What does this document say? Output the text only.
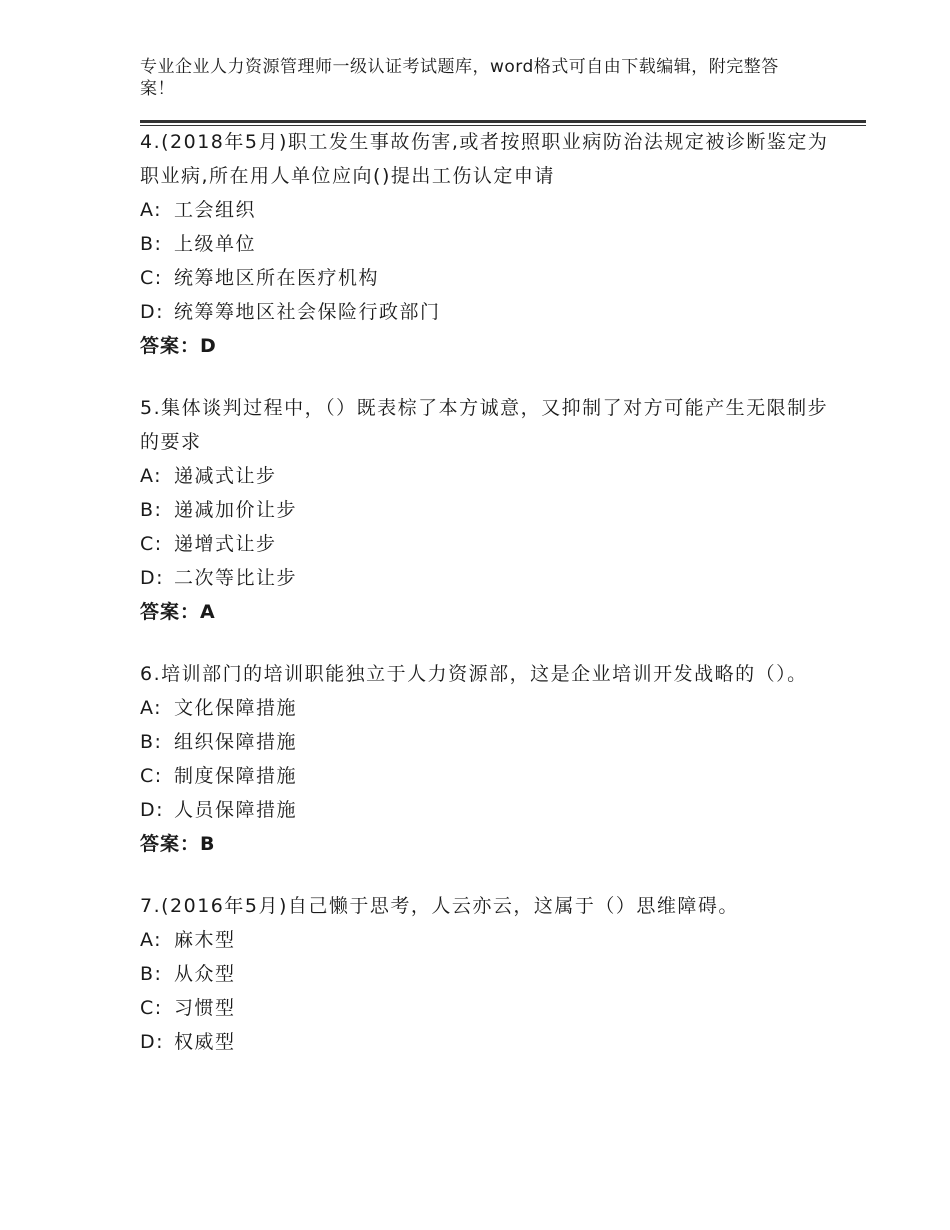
专业企业人力资源管理师一级认证考试题库，word格式可自由下载编辑，附完整答案！

4.(2018年5月)职工发生事故伤害,或者按照职业病防治法规定被诊断鉴定为职业病,所在用人单位应向()提出工伤认定申请

A: 工会组织
B: 上级单位
C: 统筹地区所在医疗机构
D: 统筹筹地区社会保险行政部门
答案：D

5.集体谈判过程中，（）既表棕了本方诚意，又抑制了对方可能产生无限制步的要求

A: 递减式让步
B: 递减加价让步
C: 递增式让步
D: 二次等比让步
答案：A

6.培训部门的培训职能独立于人力资源部，这是企业培训开发战略的（）。

A: 文化保障措施
B: 组织保障措施
C: 制度保障措施
D: 人员保障措施
答案：B

7.(2016年5月)自己懒于思考，人云亦云，这属于（）思维障碍。

A: 麻木型
B: 从众型
C: 习惯型
D: 权威型
